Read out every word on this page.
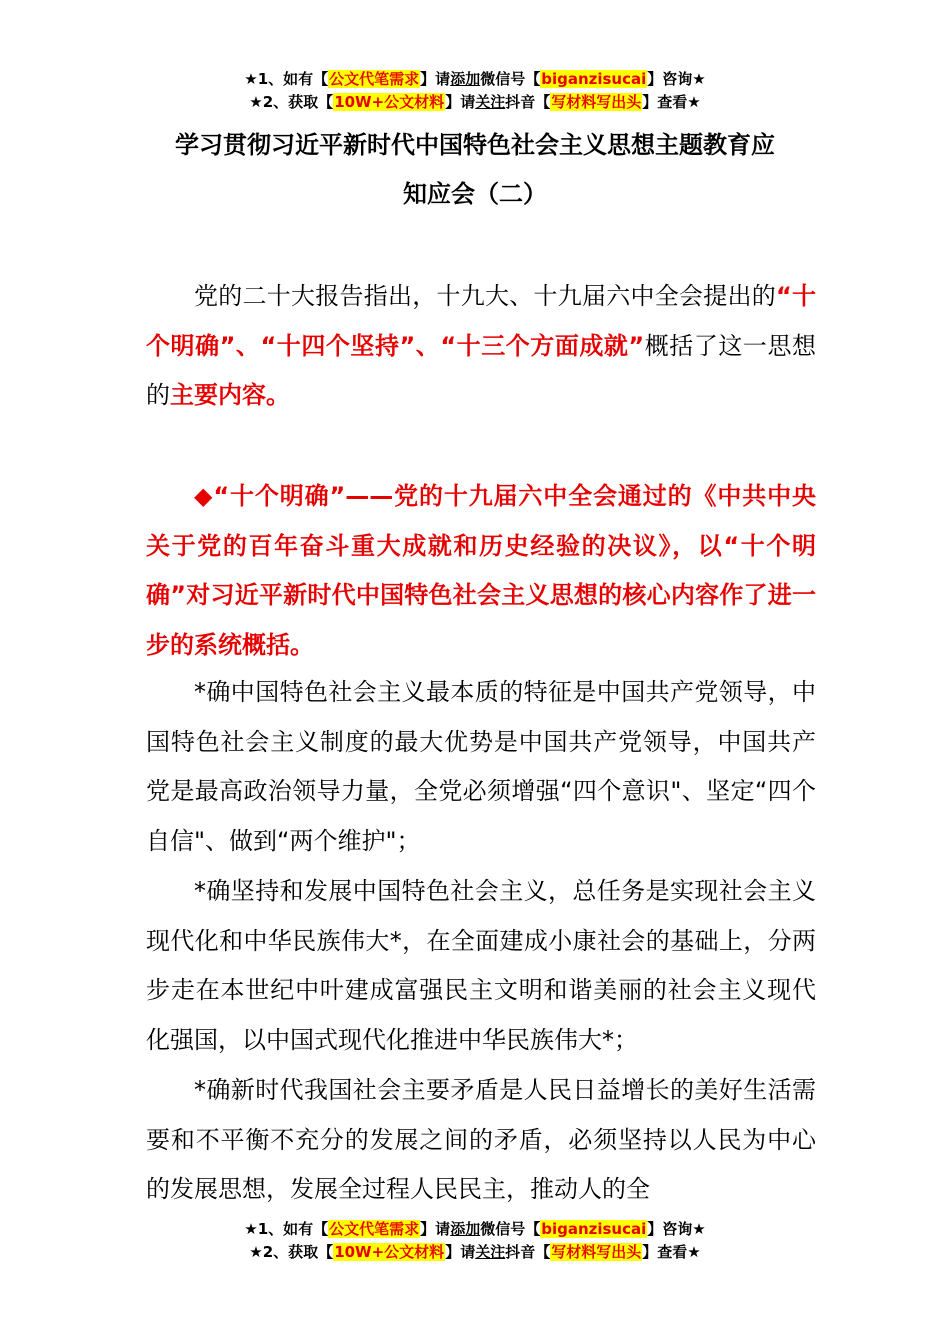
★1、如有【公文代笔需求】请添加微信号【biganzisucai】咨询★
★2、获取【10W+公文材料】请关注抖音【写材料写出头】查看★
学习贯彻习近平新时代中国特色社会主义思想主题教育应
知应会（二）

党的二十大报告指出，十九大、十九届六中全会提出的“十个明确”、“十四个坚持”、“十三个方面成就”概括了这一思想的主要内容。

◆“十个明确”——党的十九届六中全会通过的《中共中央关于党的百年奋斗重大成就和历史经验的决议》，以“十个明确”对习近平新时代中国特色社会主义思想的核心内容作了进一步的系统概括。

*确中国特色社会主义最本质的特征是中国共产党领导，中国特色社会主义制度的最大优势是中国共产党领导，中国共产党是最高政治领导力量，全党必须增强“四个意识"、坚定“四个自信"、做到“两个维护"；

*确坚持和发展中国特色社会主义，总任务是实现社会主义现代化和中华民族伟大*，在全面建成小康社会的基础上，分两步走在本世纪中叶建成富强民主文明和谐美丽的社会主义现代化强国，以中国式现代化推进中华民族伟大*；

*确新时代我国社会主要矛盾是人民日益增长的美好生活需要和不平衡不充分的发展之间的矛盾，必须坚持以人民为中心的发展思想，发展全过程人民民主，推动人的全

★1、如有【公文代笔需求】请添加微信号【biganzisucai】咨询★
★2、获取【10W+公文材料】请关注抖音【写材料写出头】查看★
